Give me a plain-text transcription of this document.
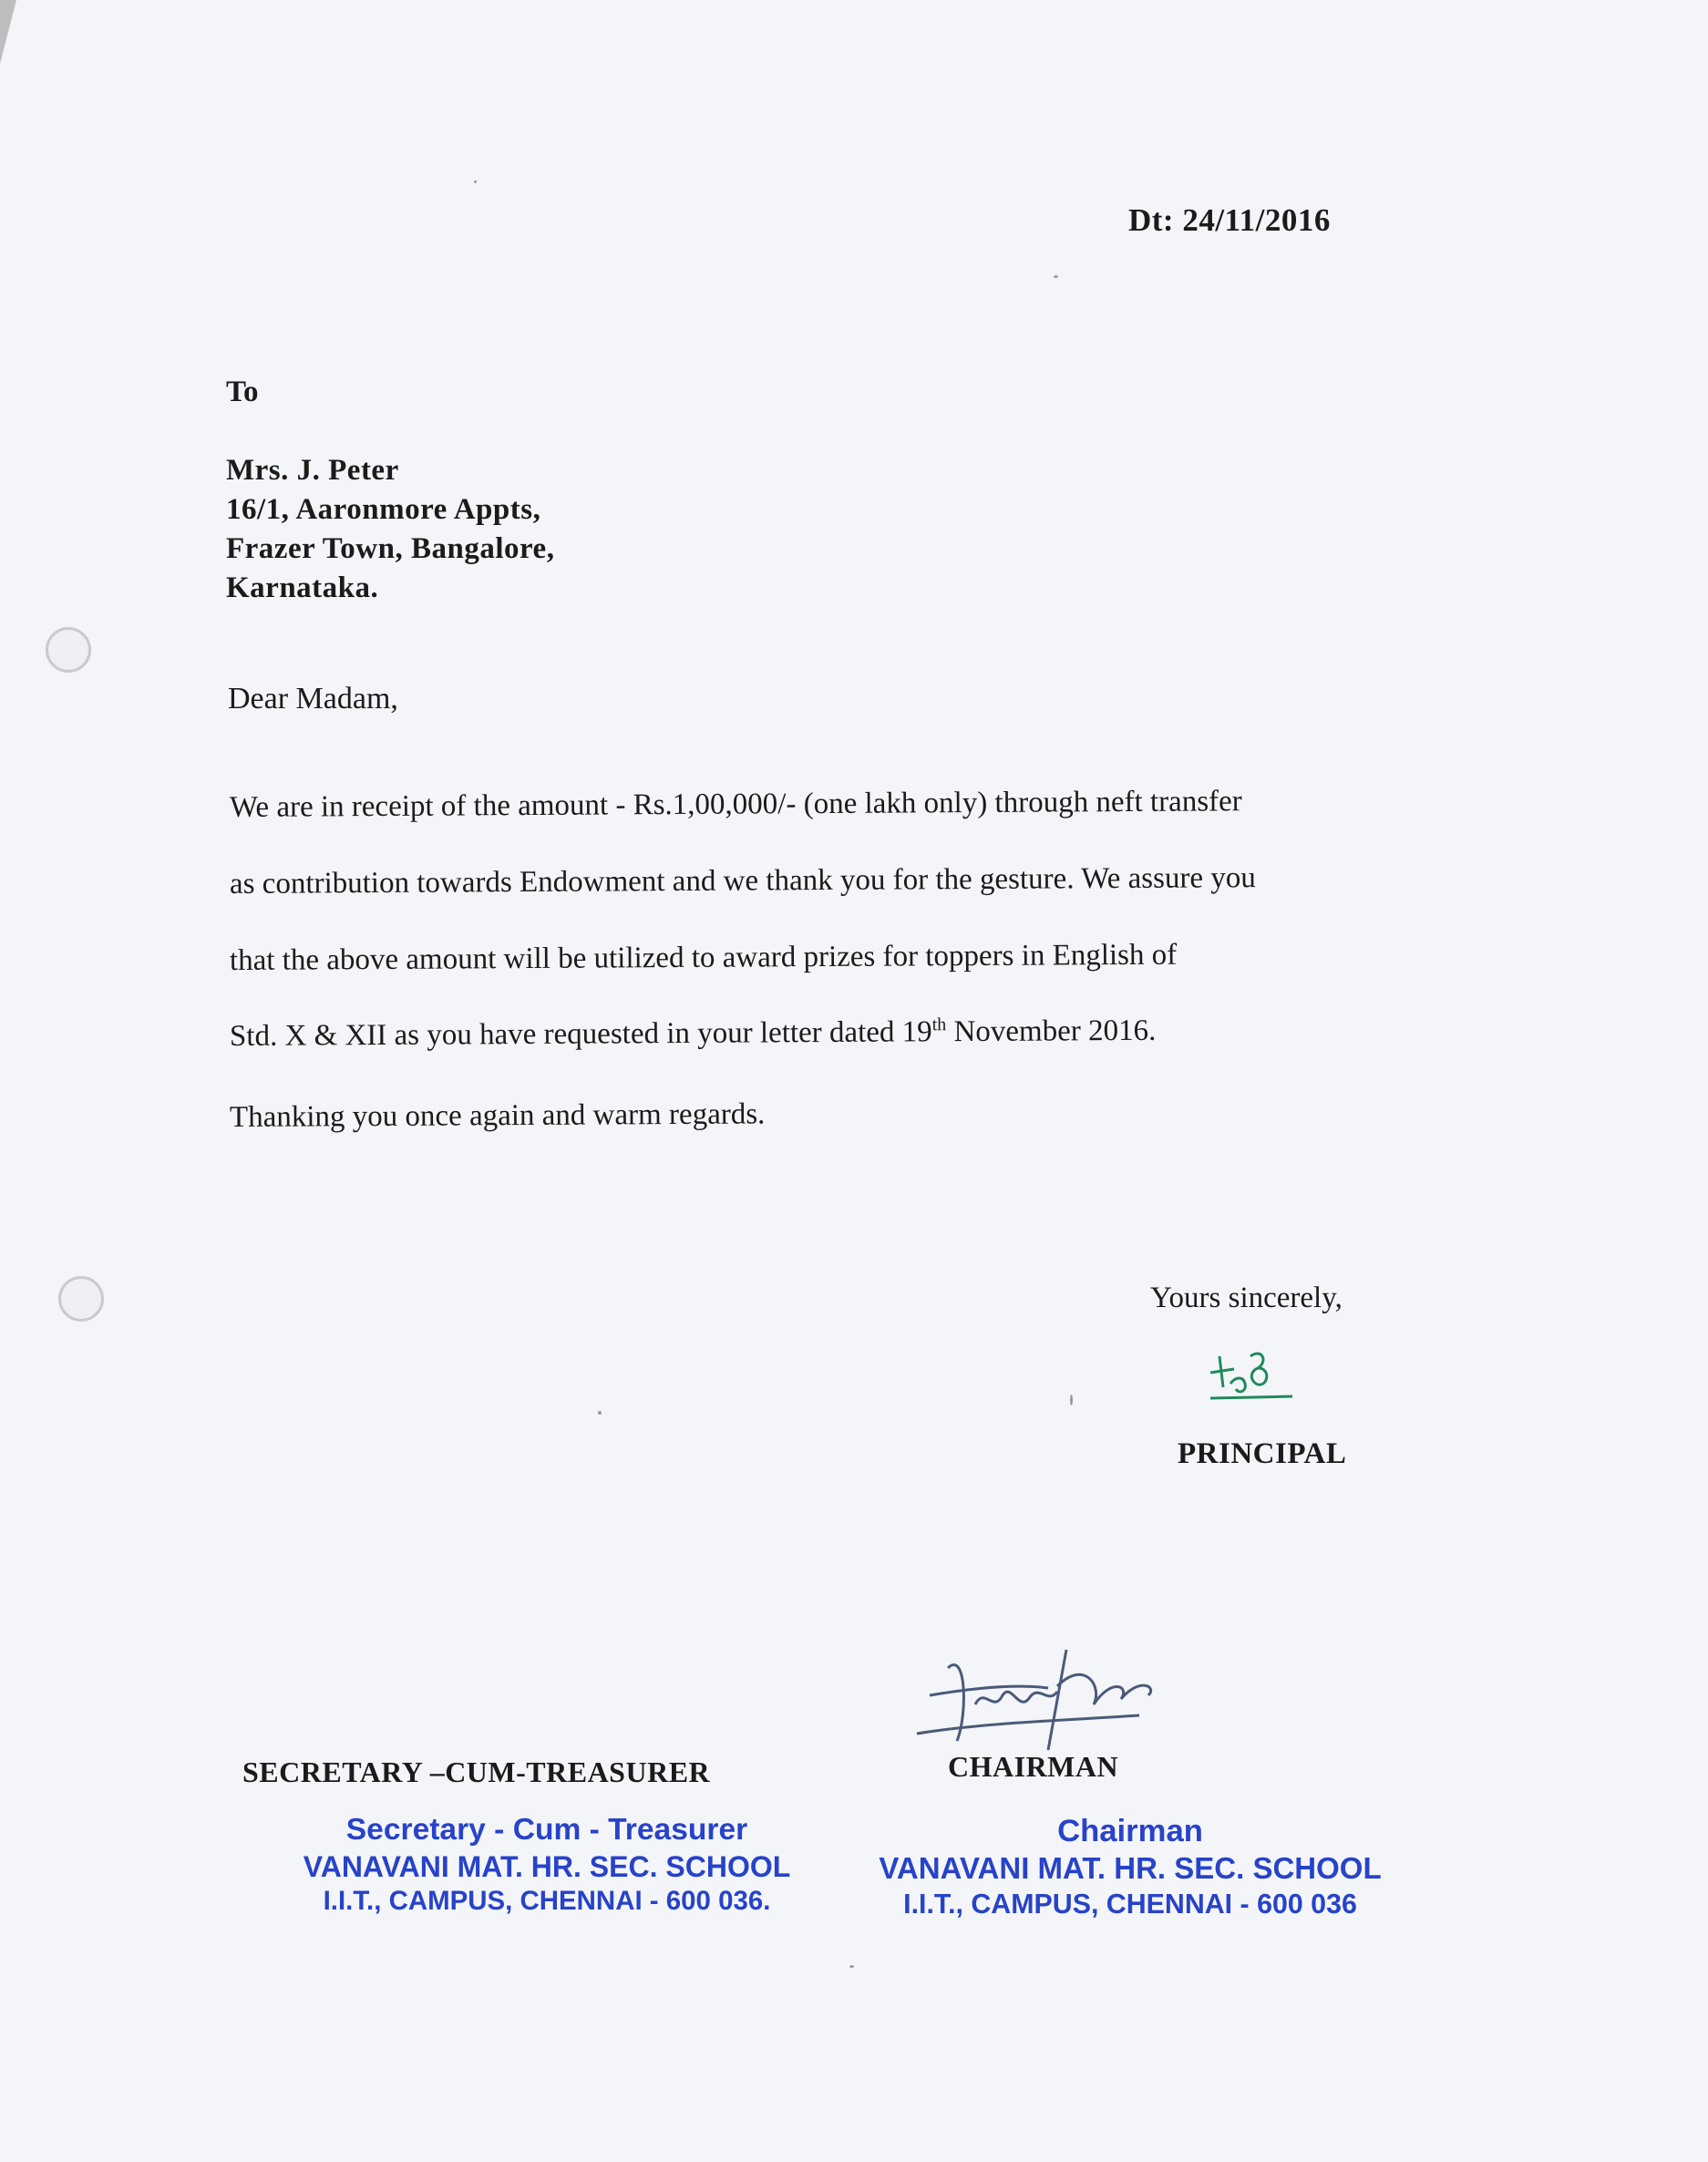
Dt: 24/11/2016
To
Mrs. J. Peter
16/1, Aaronmore Appts,
Frazer Town, Bangalore,
Karnataka.
Dear Madam,
We are in receipt of the amount - Rs.1,00,000/- (one lakh only) through neft transfer
as contribution towards Endowment and we thank you for the gesture. We assure you
that the above amount will be utilized to award prizes for toppers in English of
Std. X & XII as you have requested in your letter dated 19th November 2016.
Thanking you once again and warm regards.
Yours sincerely,
PRINCIPAL
SECRETARY –CUM-TREASURER	CHAIRMAN
Secretary - Cum - Treasurer
VANAVANI MAT. HR. SEC. SCHOOL
I.I.T., CAMPUS, CHENNAI - 600 036.
Chairman
VANAVANI MAT. HR. SEC. SCHOOL
I.I.T., CAMPUS, CHENNAI - 600 036
